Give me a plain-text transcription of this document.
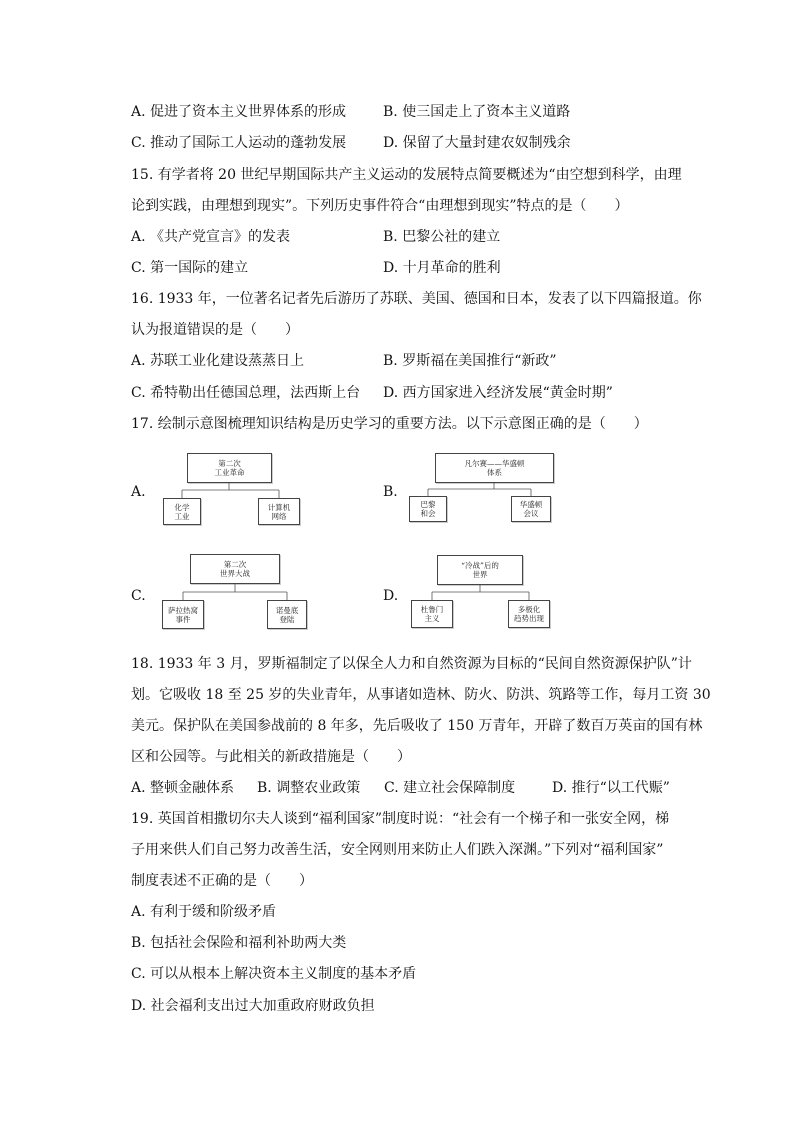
A. 促进了资本主义世界体系的形成	B. 使三国走上了资本主义道路
C. 推动了国际工人运动的蓬勃发展	D. 保留了大量封建农奴制残余
15. 有学者将 20 世纪早期国际共产主义运动的发展特点简要概述为“由空想到科学，由理
论到实践，由理想到现实”。下列历史事件符合“由理想到现实”特点的是（　　）
A. 《共产党宣言》的发表	B. 巴黎公社的建立
C. 第一国际的建立	D. 十月革命的胜利
16. 1933 年，一位著名记者先后游历了苏联、美国、德国和日本，发表了以下四篇报道。你
认为报道错误的是（　　）
A. 苏联工业化建设蒸蒸日上	B. 罗斯福在美国推行“新政”
C. 希特勒出任德国总理，法西斯上台 D. 西方国家进入经济发展“黄金时期”
17. 绘制示意图梳理知识结构是历史学习的重要方法。以下示意图正确的是（　　）
A.
第二次
工业革命
化学
工业
计算机
网络
B.
凡尔赛——华盛顿
体系
巴黎
和会
华盛顿
会议
C.
第二次
世界大战
萨拉热窝
事件
诺曼底
登陆
D.
“冷战”后的
世界
杜鲁门
主义
多极化
趋势出现
18. 1933 年 3 月，罗斯福制定了以保全人力和自然资源为目标的“民间自然资源保护队”计
划。它吸收 18 至 25 岁的失业青年，从事诸如造林、防火、防洪、筑路等工作，每月工资 30
美元。保护队在美国参战前的 8 年多，先后吸收了 150 万青年，开辟了数百万英亩的国有林
区和公园等。与此相关的新政措施是（　　）
A. 整顿金融体系 B. 调整农业政策 C. 建立社会保障制度	D. 推行“以工代赈”
19. 英国首相撒切尔夫人谈到“福利国家”制度时说：“社会有一个梯子和一张安全网，梯
子用来供人们自己努力改善生活，安全网则用来防止人们跌入深渊。”下列对“福利国家”
制度表述不正确的是（　　）
A. 有利于缓和阶级矛盾
B. 包括社会保险和福利补助两大类
C. 可以从根本上解决资本主义制度的基本矛盾
D. 社会福利支出过大加重政府财政负担
